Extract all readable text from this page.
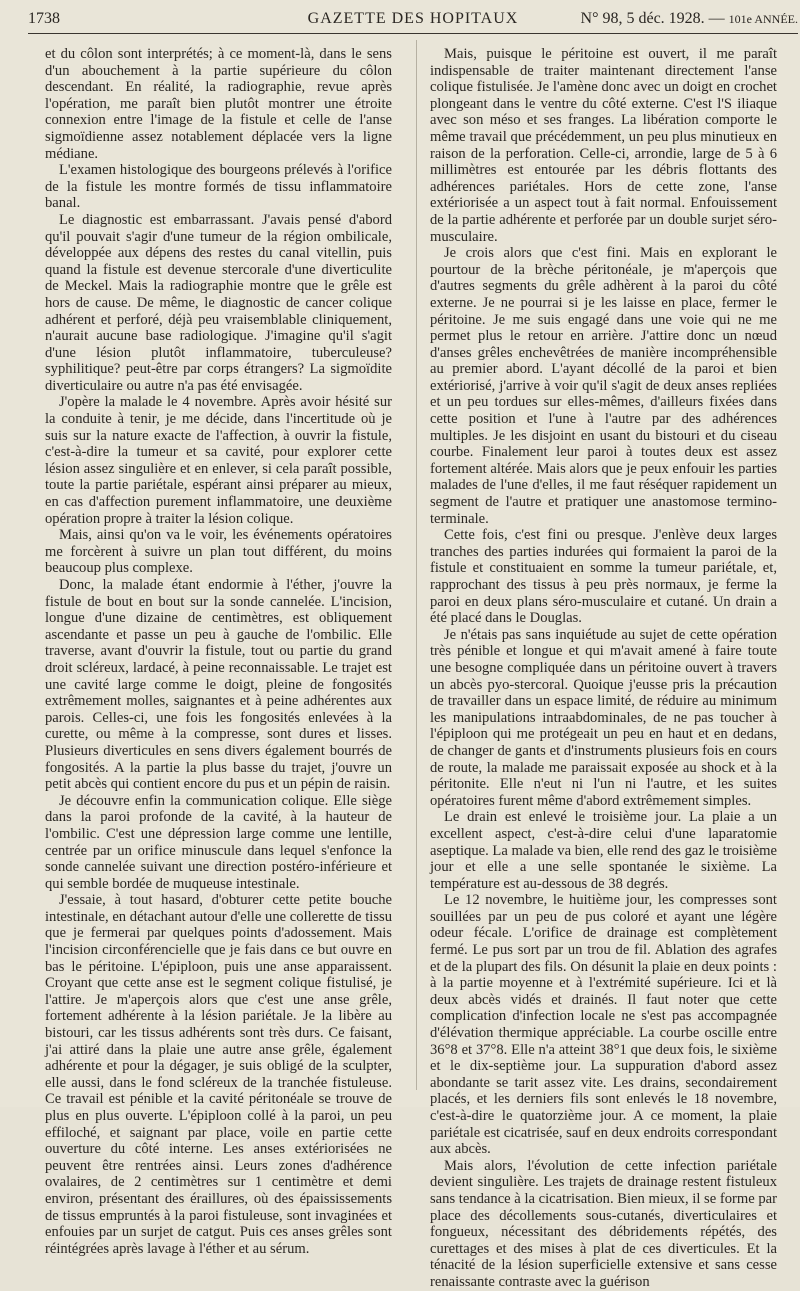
1738	GAZETTE DES HOPITAUX	N° 98, 5 déc. 1928. — 101e ANNÉE.

et du côlon sont interprétés; à ce moment-là, dans le sens d'un abouchement à la partie supérieure du côlon descendant. En réalité, la radiographie, revue après l'opération, me paraît bien plutôt montrer une étroite connexion entre l'image de la fistule et celle de l'anse sigmoïdienne assez notablement déplacée vers la ligne médiane.

L'examen histologique des bourgeons prélevés à l'orifice de la fistule les montre formés de tissu inflammatoire banal.

Le diagnostic est embarrassant. J'avais pensé d'abord qu'il pouvait s'agir d'une tumeur de la région ombilicale, développée aux dépens des restes du canal vitellin, puis quand la fistule est devenue stercorale d'une diverticulite de Meckel. Mais la radiographie montre que le grêle est hors de cause. De même, le diagnostic de cancer colique adhérent et perforé, déjà peu vraisemblable cliniquement, n'aurait aucune base radiologique. J'imagine qu'il s'agit d'une lésion plutôt inflammatoire, tuberculeuse? syphilitique? peut-être par corps étrangers? La sigmoïdite diverticulaire ou autre n'a pas été envisagée.

J'opère la malade le 4 novembre. Après avoir hésité sur la conduite à tenir, je me décide, dans l'incertitude où je suis sur la nature exacte de l'affection, à ouvrir la fistule, c'est-à-dire la tumeur et sa cavité, pour explorer cette lésion assez singulière et en enlever, si cela paraît possible, toute la partie pariétale, espérant ainsi préparer au mieux, en cas d'affection purement inflammatoire, une deuxième opération propre à traiter la lésion colique.

Mais, ainsi qu'on va le voir, les événements opératoires me forcèrent à suivre un plan tout différent, du moins beaucoup plus complexe.

Donc, la malade étant endormie à l'éther, j'ouvre la fistule de bout en bout sur la sonde cannelée. L'incision, longue d'une dizaine de centimètres, est obliquement ascendante et passe un peu à gauche de l'ombilic. Elle traverse, avant d'ouvrir la fistule, tout ou partie du grand droit scléreux, lardacé, à peine reconnaissable. Le trajet est une cavité large comme le doigt, pleine de fongosités extrêmement molles, saignantes et à peine adhérentes aux parois. Celles-ci, une fois les fongosités enlevées à la curette, ou même à la compresse, sont dures et lisses. Plusieurs diverticules en sens divers également bourrés de fongosités. A la partie la plus basse du trajet, j'ouvre un petit abcès qui contient encore du pus et un pépin de raisin.

Je découvre enfin la communication colique. Elle siège dans la paroi profonde de la cavité, à la hauteur de l'ombilic. C'est une dépression large comme une lentille, centrée par un orifice minuscule dans lequel s'enfonce la sonde cannelée suivant une direction postéro-inférieure et qui semble bordée de muqueuse intestinale.

J'essaie, à tout hasard, d'obturer cette petite bouche intestinale, en détachant autour d'elle une collerette de tissu que je fermerai par quelques points d'adossement. Mais l'incision circonférencielle que je fais dans ce but ouvre en bas le péritoine. L'épiploon, puis une anse apparaissent. Croyant que cette anse est le segment colique fistulisé, je l'attire. Je m'aperçois alors que c'est une anse grêle, fortement adhérente à la lésion pariétale. Je la libère au bistouri, car les tissus adhérents sont très durs. Ce faisant, j'ai attiré dans la plaie une autre anse grêle, également adhérente et pour la dégager, je suis obligé de la sculpter, elle aussi, dans le fond scléreux de la tranchée fistuleuse. Ce travail est pénible et la cavité péritonéale se trouve de plus en plus ouverte. L'épiploon collé à la paroi, un peu effiloché, et saignant par place, voile en partie cette ouverture du côté interne. Les anses extériorisées ne peuvent être rentrées ainsi. Leurs zones d'adhérence ovalaires, de 2 centimètres sur 1 centimètre et demi environ, présentant des éraillures, où des épaississements de tissus empruntés à la paroi fistuleuse, sont invaginées et enfouies par un surjet de catgut. Puis ces anses grêles sont réintégrées après lavage à l'éther et au sérum.

Mais, puisque le péritoine est ouvert, il me paraît indispensable de traiter maintenant directement l'anse colique fistulisée. Je l'amène donc avec un doigt en crochet plongeant dans le ventre du côté externe. C'est l'S iliaque avec son méso et ses franges. La libération comporte le même travail que précédemment, un peu plus minutieux en raison de la perforation. Celle-ci, arrondie, large de 5 à 6 millimètres est entourée par les débris flottants des adhérences pariétales. Hors de cette zone, l'anse extériorisée a un aspect tout à fait normal. Enfouissement de la partie adhérente et perforée par un double surjet séro-musculaire.

Je crois alors que c'est fini. Mais en explorant le pourtour de la brèche péritonéale, je m'aperçois que d'autres segments du grêle adhèrent à la paroi du côté externe. Je ne pourrai si je les laisse en place, fermer le péritoine. Je me suis engagé dans une voie qui ne me permet plus le retour en arrière. J'attire donc un nœud d'anses grêles enchevêtrées de manière incompréhensible au premier abord. L'ayant décollé de la paroi et bien extériorisé, j'arrive à voir qu'il s'agit de deux anses repliées et un peu tordues sur elles-mêmes, d'ailleurs fixées dans cette position et l'une à l'autre par des adhérences multiples. Je les disjoint en usant du bistouri et du ciseau courbe. Finalement leur paroi à toutes deux est assez fortement altérée. Mais alors que je peux enfouir les parties malades de l'une d'elles, il me faut réséquer rapidement un segment de l'autre et pratiquer une anastomose termino-terminale.

Cette fois, c'est fini ou presque. J'enlève deux larges tranches des parties indurées qui formaient la paroi de la fistule et constituaient en somme la tumeur pariétale, et, rapprochant des tissus à peu près normaux, je ferme la paroi en deux plans séro-musculaire et cutané. Un drain a été placé dans le Douglas.

Je n'étais pas sans inquiétude au sujet de cette opération très pénible et longue et qui m'avait amené à faire toute une besogne compliquée dans un péritoine ouvert à travers un abcès pyo-stercoral. Quoique j'eusse pris la précaution de travailler dans un espace limité, de réduire au minimum les manipulations intraabdominales, de ne pas toucher à l'épiploon qui me protégeait un peu en haut et en dedans, de changer de gants et d'instruments plusieurs fois en cours de route, la malade me paraissait exposée au shock et à la péritonite. Elle n'eut ni l'un ni l'autre, et les suites opératoires furent même d'abord extrêmement simples.

Le drain est enlevé le troisième jour. La plaie a un excellent aspect, c'est-à-dire celui d'une laparatomie aseptique. La malade va bien, elle rend des gaz le troisième jour et elle a une selle spontanée le sixième. La température est au-dessous de 38 degrés.

Le 12 novembre, le huitième jour, les compresses sont souillées par un peu de pus coloré et ayant une légère odeur fécale. L'orifice de drainage est complètement fermé. Le pus sort par un trou de fil. Ablation des agrafes et de la plupart des fils. On désunit la plaie en deux points : à la partie moyenne et à l'extrémité supérieure. Ici et là deux abcès vidés et drainés. Il faut noter que cette complication d'infection locale ne s'est pas accompagnée d'élévation thermique appréciable. La courbe oscille entre 36°8 et 37°8. Elle n'a atteint 38°1 que deux fois, le sixième et le dix-septième jour. La suppuration d'abord assez abondante se tarit assez vite. Les drains, secondairement placés, et les derniers fils sont enlevés le 18 novembre, c'est-à-dire le quatorzième jour. A ce moment, la plaie pariétale est cicatrisée, sauf en deux endroits correspondant aux abcès.

Mais alors, l'évolution de cette infection pariétale devient singulière. Les trajets de drainage restent fistuleux sans tendance à la cicatrisation. Bien mieux, il se forme par place des décollements sous-cutanés, diverticulaires et fongueux, nécessitant des débridements répétés, des curettages et des mises à plat de ces diverticules. Et la ténacité de la lésion superficielle extensive et sans cesse renaissante contraste avec la guérison
